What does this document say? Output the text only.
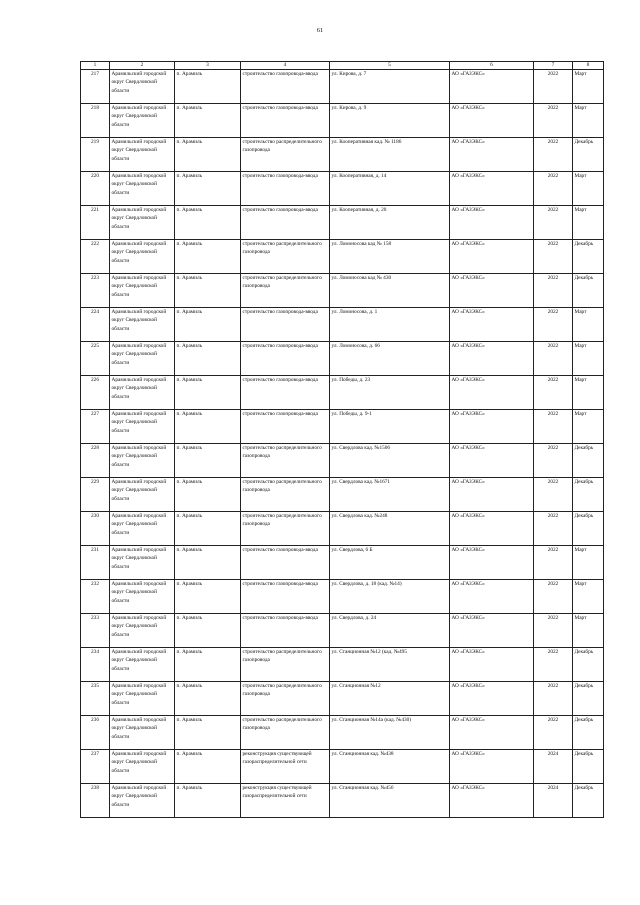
61
1	2	3	4	5	6	7	8
217	Арамильский городской округ Свердловской области	п. Арамиль	строительство газопровода-ввода	ул. Кирова, д. 7	АО «ГАЗЭКС»	2022	Март
218	Арамильский городской округ Свердловской области	п. Арамиль	строительство газопровода-ввода	ул. Кирова, д. 9	АО «ГАЗЭКС»	2022	Март
219	Арамильский городской округ Свердловской области	п. Арамиль	строительство распределительного газопровода	ул. Кооперативная кад. № 1186	АО «ГАЗЭКС»	2022	Декабрь
220	Арамильский городской округ Свердловской области	п. Арамиль	строительство газопровода-ввода	ул. Кооперативная, д. 14	АО «ГАЗЭКС»	2022	Март
221	Арамильский городской округ Свердловской области	п. Арамиль	строительство газопровода-ввода	ул. Кооперативная, д. 20	АО «ГАЗЭКС»	2022	Март
222	Арамильский городской округ Свердловской области	п. Арамиль	строительство распределительного газопровода	ул. Ломоносова кад № 158	АО «ГАЗЭКС»	2022	Декабрь
223	Арамильский городской округ Свердловской области	п. Арамиль	строительство распределительного газопровода	ул. Ломоносова кад № 430	АО «ГАЗЭКС»	2022	Декабрь
224	Арамильский городской округ Свердловской области	п. Арамиль	строительство газопровода-ввода	ул. Ломоносова, д. 1	АО «ГАЗЭКС»	2022	Март
225	Арамильский городской округ Свердловской области	п. Арамиль	строительство газопровода-ввода	ул. Ломоносова, д. 66	АО «ГАЗЭКС»	2022	Март
226	Арамильский городской округ Свердловской области	п. Арамиль	строительство газопровода-ввода	ул. Победы, д. 23	АО «ГАЗЭКС»	2022	Март
227	Арамильский городской округ Свердловской области	п. Арамиль	строительство газопровода-ввода	ул. Победы, д. 9-1	АО «ГАЗЭКС»	2022	Март
228	Арамильский городской округ Свердловской области	п. Арамиль	строительство распределительного газопровода	ул. Свердлова кад. №1506	АО «ГАЗЭКС»	2022	Декабрь
229	Арамильский городской округ Свердловской области	п. Арамиль	строительство распределительного газопровода	ул. Свердлова кад. №1671	АО «ГАЗЭКС»	2022	Декабрь
230	Арамильский городской округ Свердловской области	п. Арамиль	строительство распределительного газопровода	ул. Свердлова кад. №248	АО «ГАЗЭКС»	2022	Декабрь
231	Арамильский городской округ Свердловской области	п. Арамиль	строительство газопровода-ввода	ул. Свердлова, 6 Б	АО «ГАЗЭКС»	2022	Март
232	Арамильский городской округ Свердловской области	п. Арамиль	строительство газопровода-ввода	ул. Свердлова, д. 18 (кад. №14)	АО «ГАЗЭКС»	2022	Март
233	Арамильский городской округ Свердловской области	п. Арамиль	строительство газопровода-ввода	ул. Свердлова, д. 24	АО «ГАЗЭКС»	2022	Март
234	Арамильский городской округ Свердловской области	п. Арамиль	строительство распределительного газопровода	ул. Станционная №12 (кад. №495	АО «ГАЗЭКС»	2022	Декабрь
235	Арамильский городской округ Свердловской области	п. Арамиль	строительство распределительного газопровода	ул. Станционная №12	АО «ГАЗЭКС»	2022	Декабрь
236	Арамильский городской округ Свердловской области	п. Арамиль	строительство распределительного газопровода	ул. Станционная №14а (кад. №430)	АО «ГАЗЭКС»	2022	Декабрь
237	Арамильский городской округ Свердловской области	п. Арамиль	реконструкция существующей газораспределительной сети	ул. Станционная кад. №438	АО «ГАЗЭКС»	2024	Декабрь
238	Арамильский городской округ Свердловской области	п. Арамиль	реконструкция существующей газораспределительной сети	ул. Станционная кад. №456	АО «ГАЗЭКС»	2024	Декабрь
